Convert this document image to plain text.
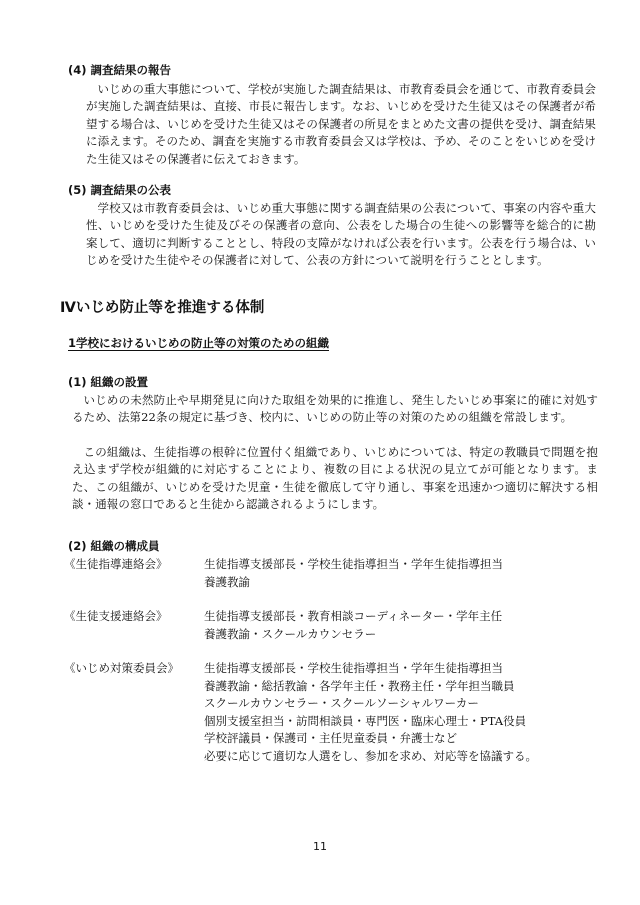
(4) 調査結果の報告

いじめの重大事態について、学校が実施した調査結果は、市教育委員会を通じて、市教育委員会が実施した調査結果は、直接、市長に報告します。なお、いじめを受けた生徒又はその保護者が希望する場合は、いじめを受けた生徒又はその保護者の所見をまとめた文書の提供を受け、調査結果に添えます。そのため、調査を実施する市教育委員会又は学校は、予め、そのことをいじめを受けた生徒又はその保護者に伝えておきます。

(5) 調査結果の公表

学校又は市教育委員会は、いじめ重大事態に関する調査結果の公表について、事案の内容や重大性、いじめを受けた生徒及びその保護者の意向、公表をした場合の生徒への影響等を総合的に勘案して、適切に判断することとし、特段の支障がなければ公表を行います。公表を行う場合は、いじめを受けた生徒やその保護者に対して、公表の方針について説明を行うこととします。

Ⅳいじめ防止等を推進する体制
1学校におけるいじめの防止等の対策のための組織
(1) 組織の設置

いじめの未然防止や早期発見に向けた取組を効果的に推進し、発生したいじめ事案に的確に対処するため、法第22条の規定に基づき、校内に、いじめの防止等の対策のための組織を常設します。

この組織は、生徒指導の根幹に位置付く組織であり、いじめについては、特定の教職員で問題を抱え込まず学校が組織的に対応することにより、複数の目による状況の見立てが可能となります。また、この組織が、いじめを受けた児童・生徒を徹底して守り通し、事案を迅速かつ適切に解決する相談・通報の窓口であると生徒から認識されるようにします。

(2) 組織の構成員
《生徒指導連絡会》	生徒指導支援部長・学校生徒指導担当・学年生徒指導担当
養護教諭
《生徒支援連絡会》	生徒指導支援部長・教育相談コーディネーター・学年主任
養護教諭・スクールカウンセラー
《いじめ対策委員会》 生徒指導支援部長・学校生徒指導担当・学年生徒指導担当
養護教諭・総括教諭・各学年主任・教務主任・学年担当職員
スクールカウンセラー・スクールソーシャルワーカー
個別支援室担当・訪問相談員・専門医・臨床心理士・PTA役員
学校評議員・保護司・主任児童委員・弁護士など
必要に応じて適切な人選をし、参加を求め、対応等を協議する。
11
